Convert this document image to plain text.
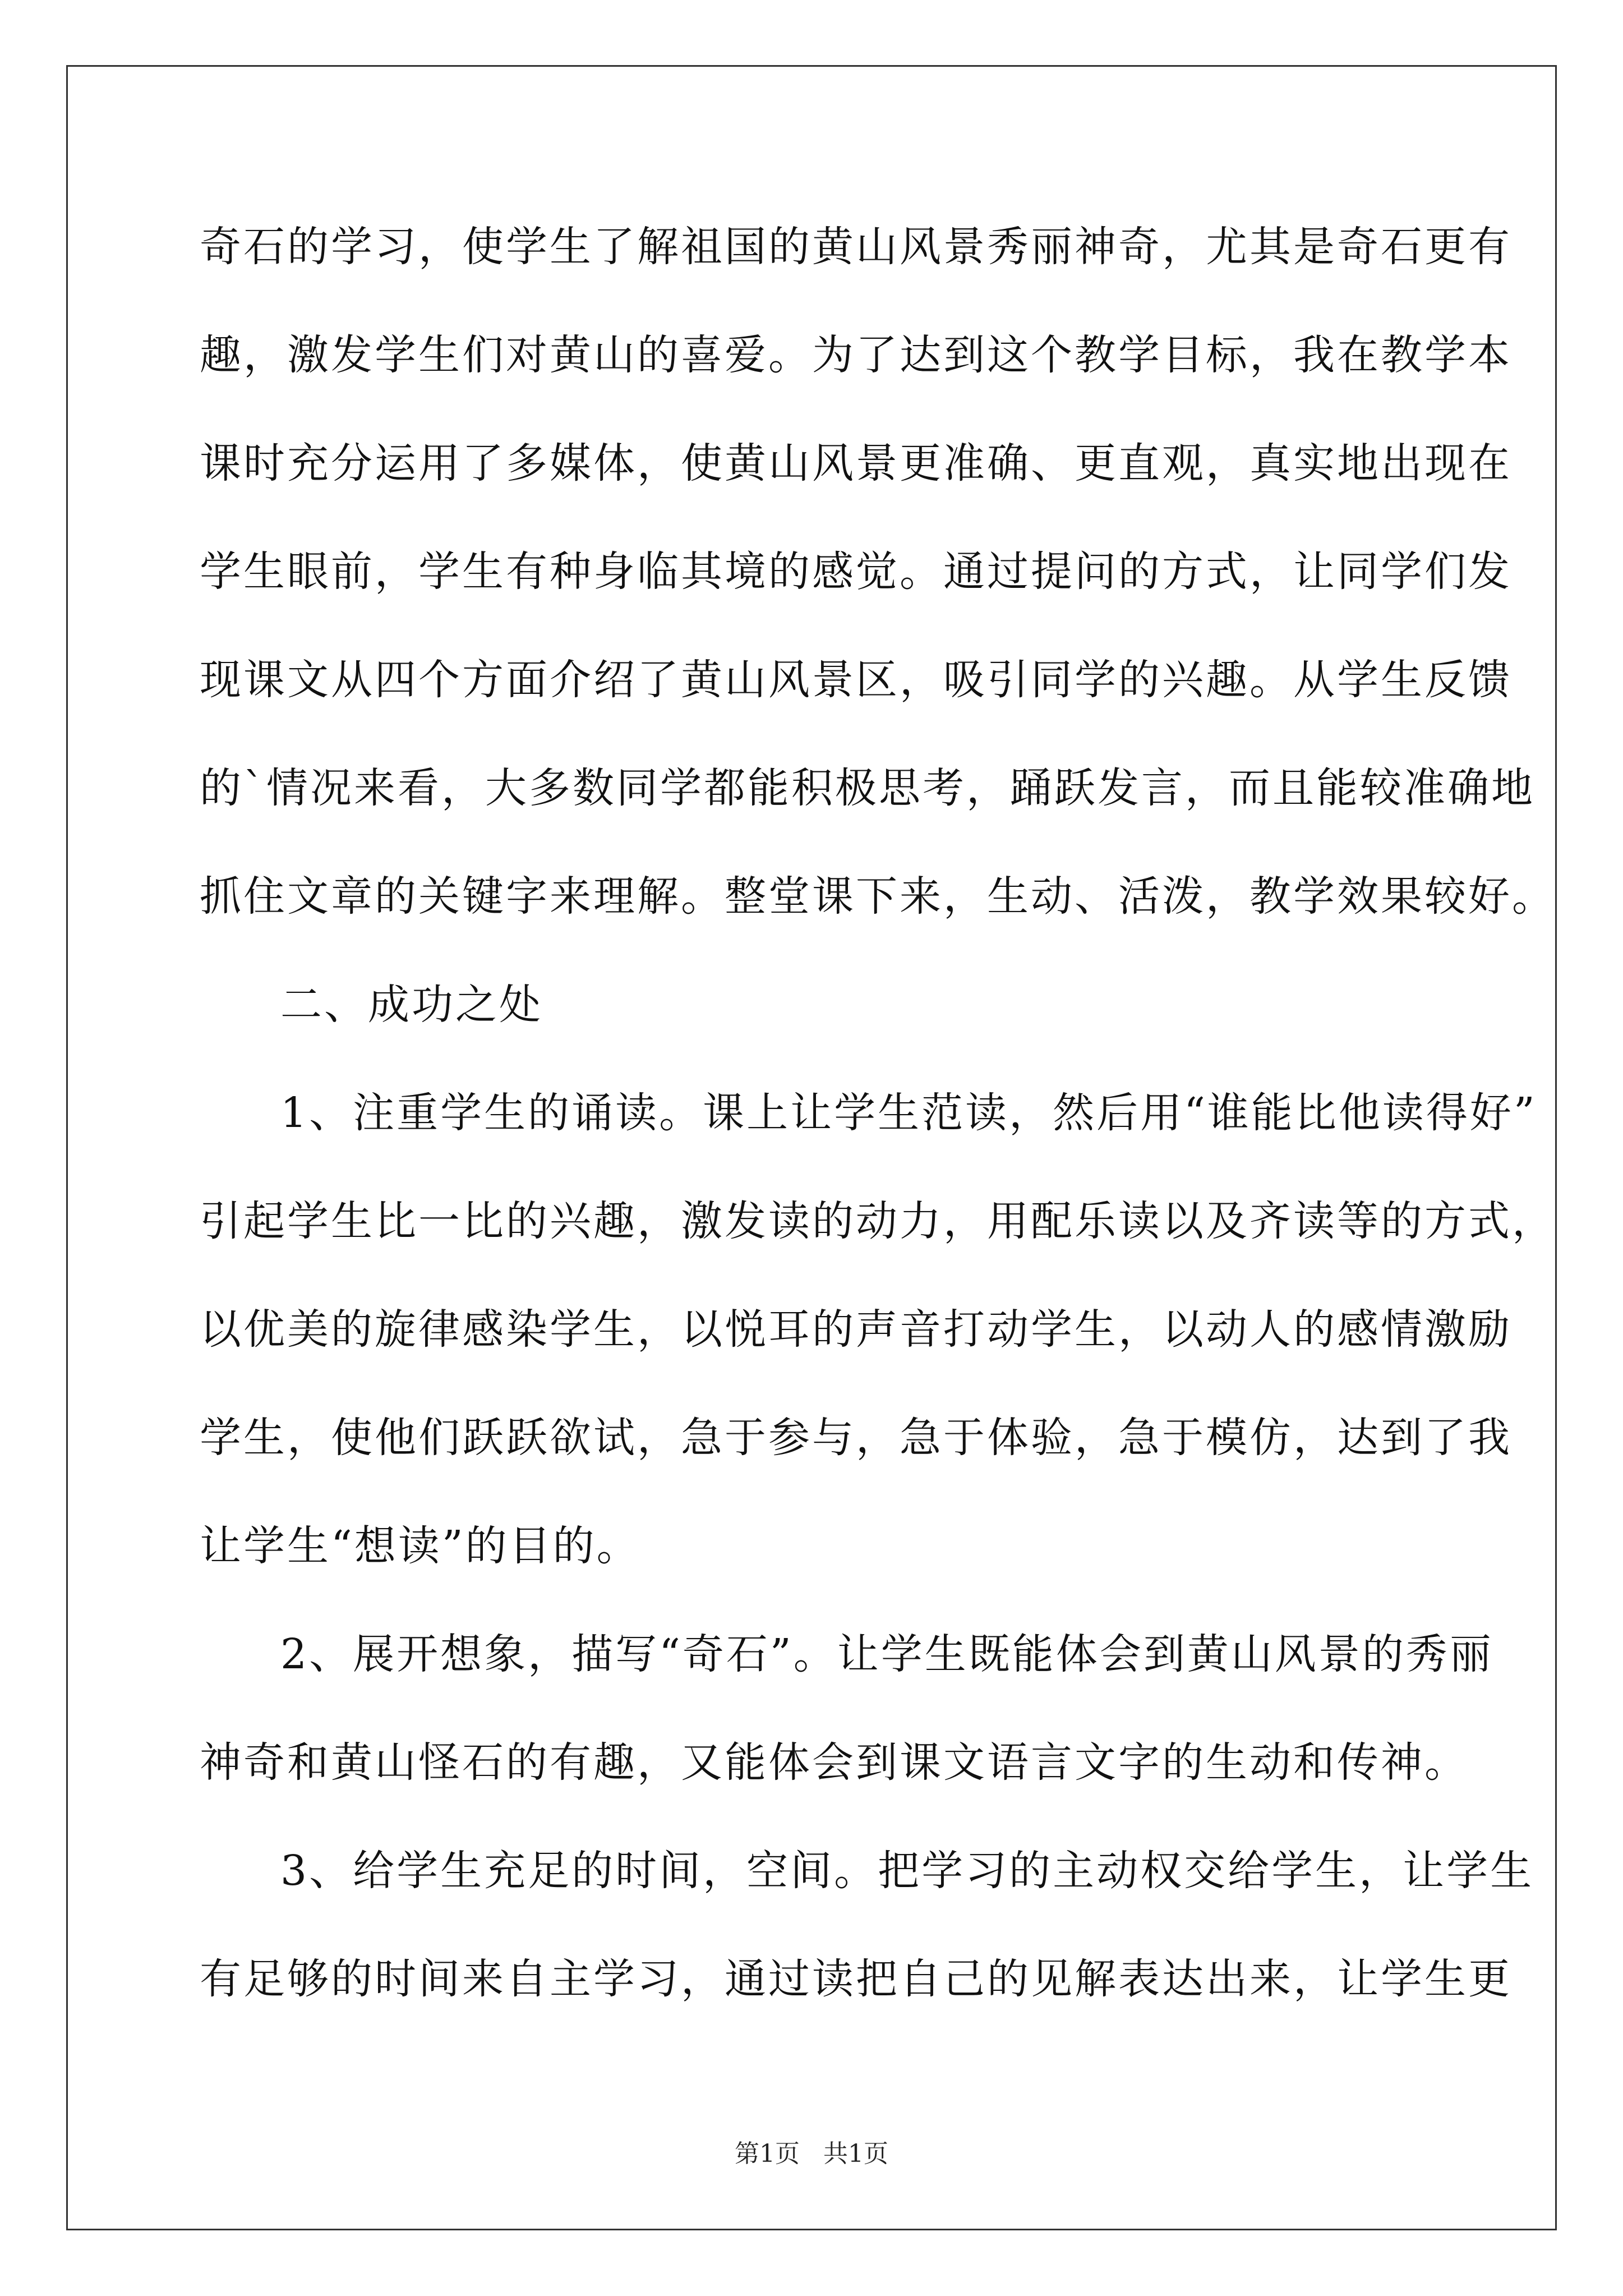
奇石的学习，使学生了解祖国的黄山风景秀丽神奇，尤其是奇石更有
趣，激发学生们对黄山的喜爱。为了达到这个教学目标，我在教学本
课时充分运用了多媒体，使黄山风景更准确、更直观，真实地出现在
学生眼前，学生有种身临其境的感觉。通过提问的方式，让同学们发
现课文从四个方面介绍了黄山风景区，吸引同学的兴趣。从学生反馈
的`情况来看，大多数同学都能积极思考，踊跃发言，而且能较准确地
抓住文章的关键字来理解。整堂课下来，生动、活泼，教学效果较好。
二、成功之处
1、注重学生的诵读。课上让学生范读，然后用“谁能比他读得好”
引起学生比一比的兴趣，激发读的动力，用配乐读以及齐读等的方式，
以优美的旋律感染学生，以悦耳的声音打动学生，以动人的感情激励
学生，使他们跃跃欲试，急于参与，急于体验，急于模仿，达到了我
让学生“想读”的目的。
2、展开想象，描写“奇石”。让学生既能体会到黄山风景的秀丽
神奇和黄山怪石的有趣，又能体会到课文语言文字的生动和传神。
3、给学生充足的时间，空间。把学习的主动权交给学生，让学生
有足够的时间来自主学习，通过读把自己的见解表达出来，让学生更
第1页   共1页
